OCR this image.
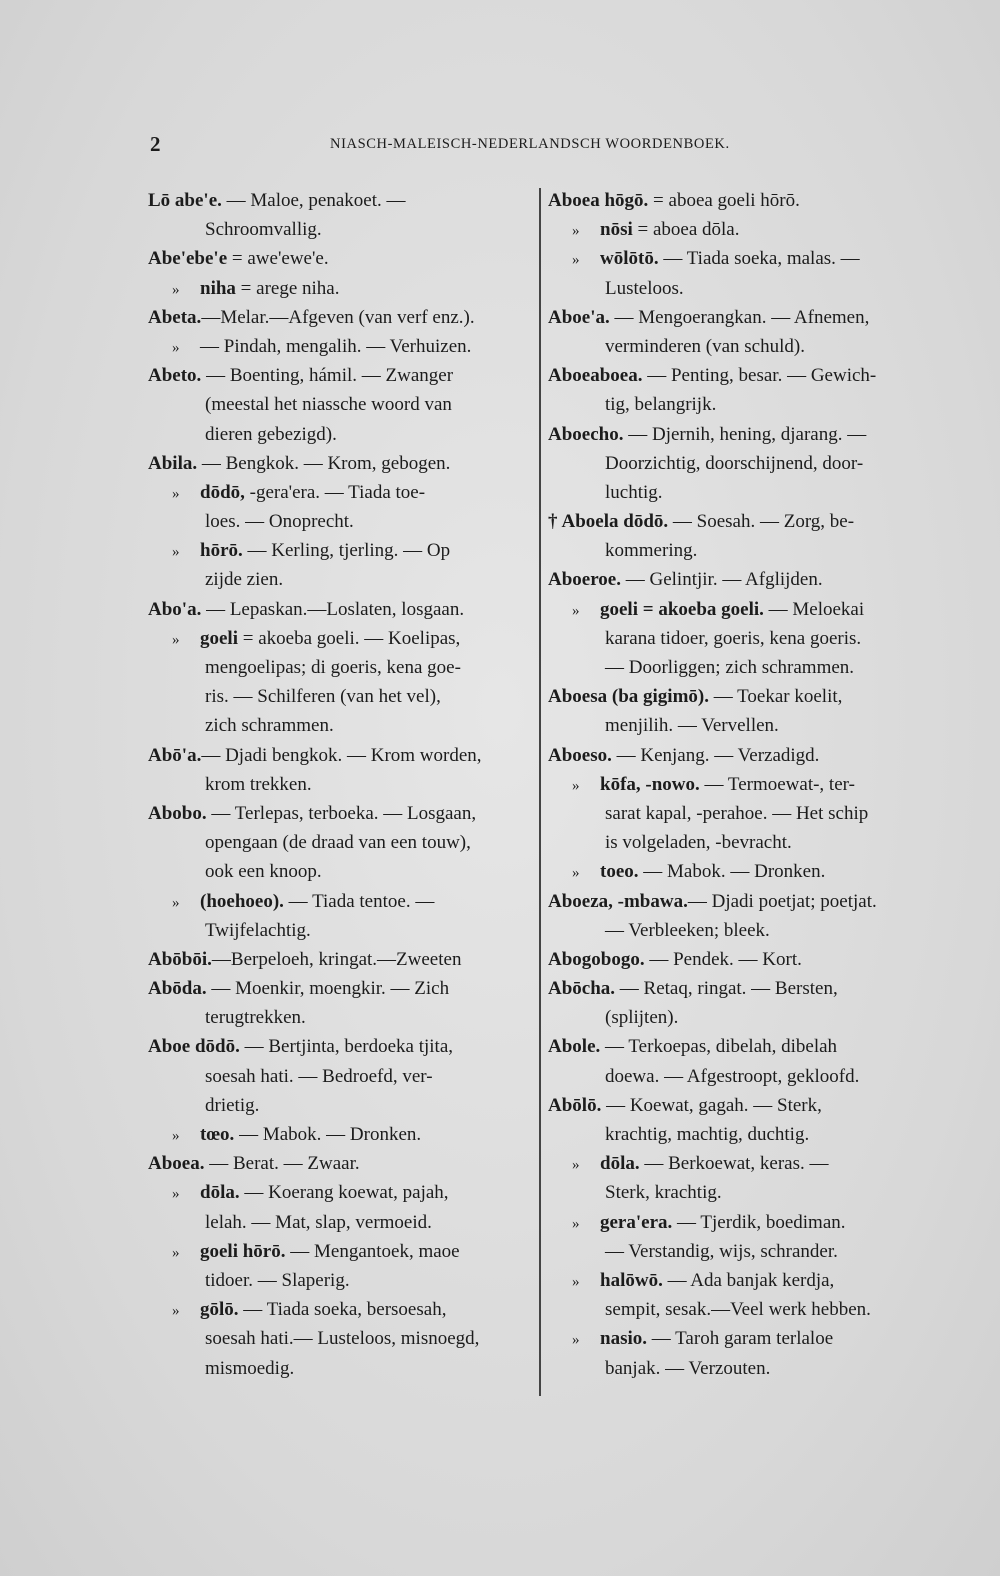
2	NIASCH-MALEISCH-NEDERLANDSCH WOORDENBOEK.
Lō abe'e. — Maloe, penakoet. —
Schroomvallig.
Abe'ebe'e = awe'ewe'e.
» niha = arege niha.
Abeta.—Melar.—Afgeven (van verf enz.).
» — Pindah, mengalih. — Verhuizen.
Abeto. — Boenting, hámil. — Zwanger
(meestal het niassche woord van
dieren gebezigd).
Abila. — Bengkok. — Krom, gebogen.
» dōdō, -gera'era. — Tiada toe-
loes. — Onoprecht.
» hōrō. — Kerling, tjerling. — Op
zijde zien.
Abo'a. — Lepaskan.—Loslaten, losgaan.
» goeli = akoeba goeli. — Koelipas,
mengoelipas; di goeris, kena goe-
ris. — Schilferen (van het vel),
zich schrammen.
Abō'a.— Djadi bengkok. — Krom worden,
krom trekken.
Abobo. — Terlepas, terboeka. — Losgaan,
opengaan (de draad van een touw),
ook een knoop.
» (hoehoeo). — Tiada tentoe. —
Twijfelachtig.
Abōbōi.—Berpeloeh, kringat.—Zweeten
Abōda. — Moenkir, moengkir. — Zich
terugtrekken.
Aboe dōdō. — Bertjinta, berdoeka tjita,
soesah hati. — Bedroefd, ver-
drietig.
» tœo. — Mabok. — Dronken.
Aboea. — Berat. — Zwaar.
» dōla. — Koerang koewat, pajah,
lelah. — Mat, slap, vermoeid.
» goeli hōrō. — Mengantoek, maoe
tidoer. — Slaperig.
» gōlō. — Tiada soeka, bersoesah,
soesah hati.— Lusteloos, misnoegd,
mismoedig.
Aboea hōgō. = aboea goeli hōrō.
» nōsi = aboea dōla.
» wōlōtō. — Tiada soeka, malas. —
Lusteloos.
Aboe'a. — Mengoerangkan. — Afnemen,
verminderen (van schuld).
Aboeaboea. — Penting, besar. — Gewich-
tig, belangrijk.
Aboecho. — Djernih, hening, djarang. —
Doorzichtig, doorschijnend, door-
luchtig.
† Aboela dōdō. — Soesah. — Zorg, be-
kommering.
Aboeroe. — Gelintjir. — Afglijden.
» goeli = akoeba goeli. — Meloekai
karana tidoer, goeris, kena goeris.
— Doorliggen; zich schrammen.
Aboesa (ba gigimō). — Toekar koelit,
menjilih. — Vervellen.
Aboeso. — Kenjang. — Verzadigd.
» kōfa, -nowo. — Termoewat-, ter-
sarat kapal, -perahoe. — Het schip
is volgeladen, -bevracht.
» toeo. — Mabok. — Dronken.
Aboeza, -mbawa.— Djadi poetjat; poetjat.
— Verbleeken; bleek.
Abogobogo. — Pendek. — Kort.
Abōcha. — Retaq, ringat. — Bersten,
(splijten).
Abole. — Terkoepas, dibelah, dibelah
doewa. — Afgestroopt, gekloofd.
Abōlō. — Koewat, gagah. — Sterk,
krachtig, machtig, duchtig.
» dōla. — Berkoewat, keras. —
Sterk, krachtig.
» gera'era. — Tjerdik, boediman.
— Verstandig, wijs, schrander.
» halōwō. — Ada banjak kerdja,
sempit, sesak.—Veel werk hebben.
» nasio. — Taroh garam terlaloe
banjak. — Verzouten.
